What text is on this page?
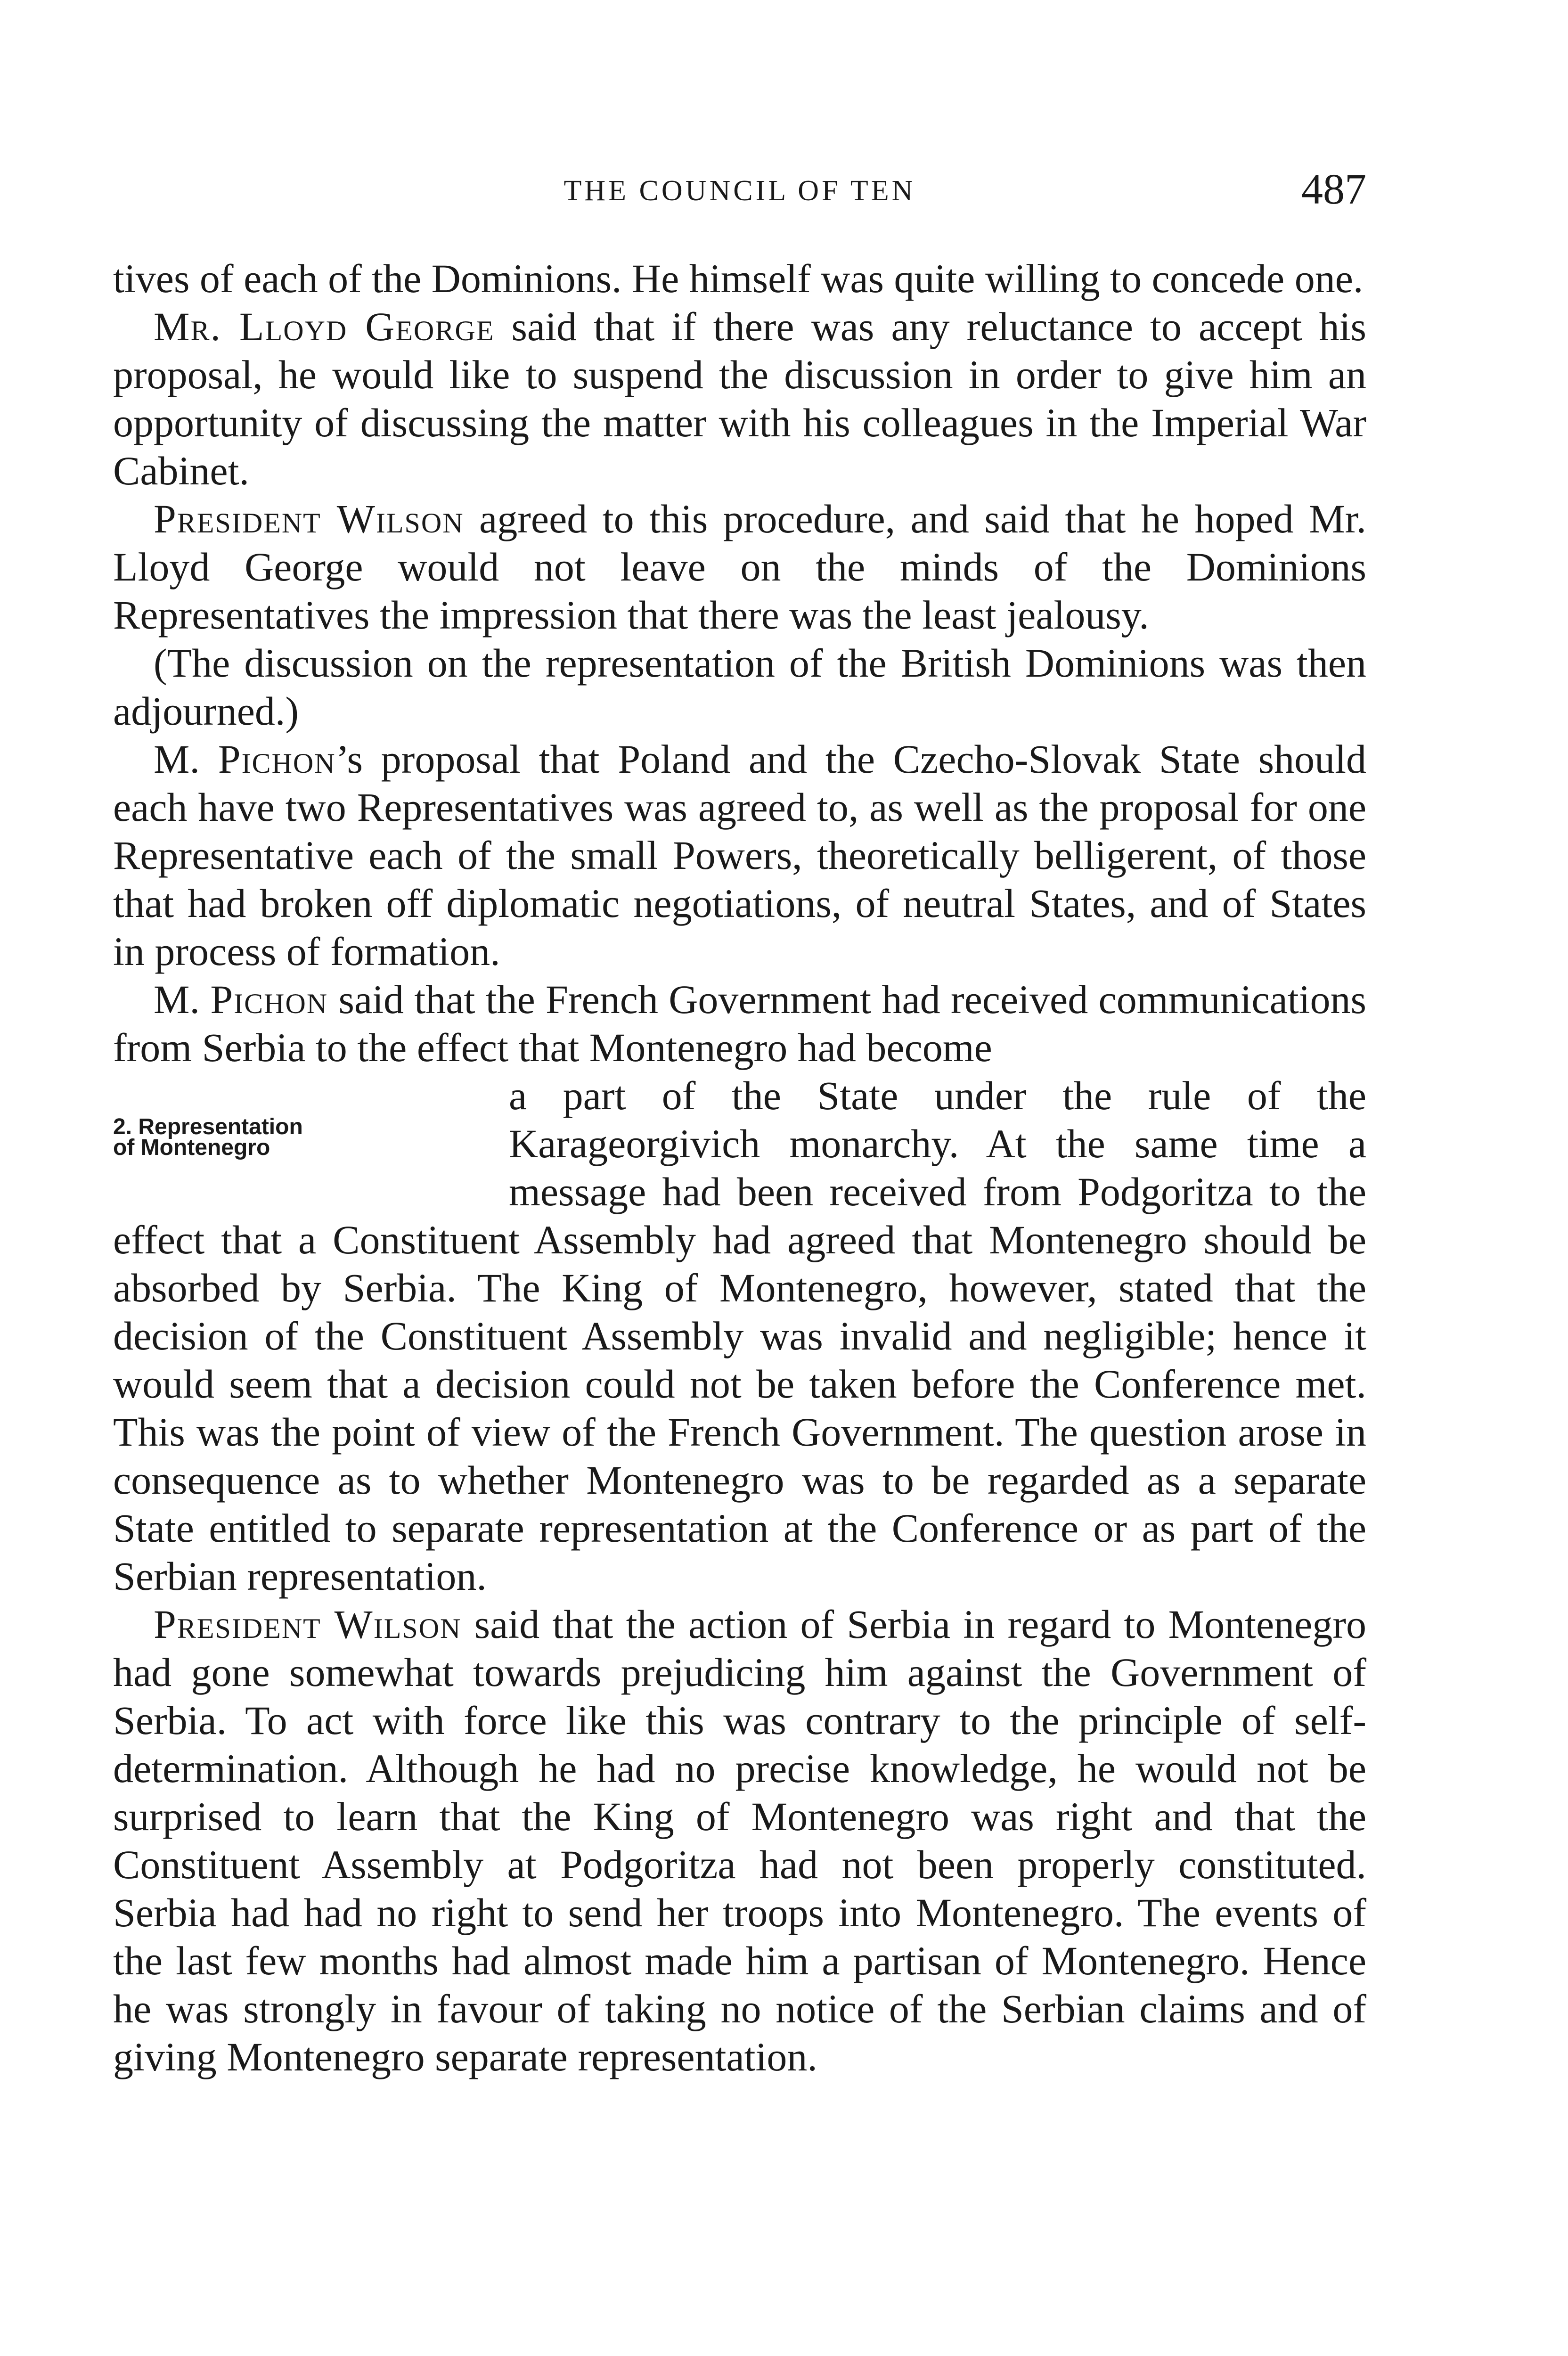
THE COUNCIL OF TEN	487

tives of each of the Dominions. He himself was quite willing to concede one.

Mr. Lloyd George said that if there was any reluctance to accept his proposal, he would like to suspend the discussion in order to give him an opportunity of discussing the matter with his colleagues in the Imperial War Cabinet.

President Wilson agreed to this procedure, and said that he hoped Mr. Lloyd George would not leave on the minds of the Dominions Representatives the impression that there was the least jealousy.

(The discussion on the representation of the British Dominions was then adjourned.)

M. Pichon’s proposal that Poland and the Czecho-Slovak State should each have two Representatives was agreed to, as well as the proposal for one Representative each of the small Powers, theoretically belligerent, of those that had broken off diplomatic negotiations, of neutral States, and of States in process of formation.

M. Pichon said that the French Government had received communications from Serbia to the effect that Montenegro had become

2. Representation
of Montenegro

a part of the State under the rule of the Karageorgivich monarchy. At the same time a message had been received from Podgoritza to the effect that a Constituent Assembly had agreed that Montenegro should be absorbed by Serbia. The King of Montenegro, however, stated that the decision of the Constituent Assembly was invalid and negligible; hence it would seem that a decision could not be taken before the Conference met. This was the point of view of the French Government. The question arose in consequence as to whether Montenegro was to be regarded as a separate State entitled to separate representation at the Conference or as part of the Serbian representation.

President Wilson said that the action of Serbia in regard to Montenegro had gone somewhat towards prejudicing him against the Government of Serbia. To act with force like this was contrary to the principle of self-determination. Although he had no precise knowledge, he would not be surprised to learn that the King of Montenegro was right and that the Constituent Assembly at Podgoritza had not been properly constituted. Serbia had had no right to send her troops into Montenegro. The events of the last few months had almost made him a partisan of Montenegro. Hence he was strongly in favour of taking no notice of the Serbian claims and of giving Montenegro separate representation.
